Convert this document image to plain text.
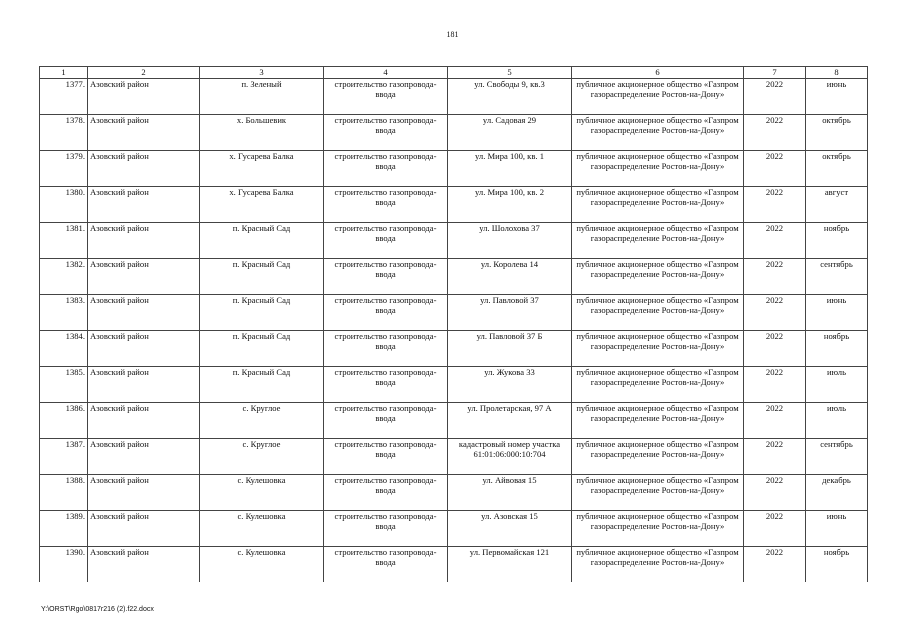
181
1	2	3	4	5	6	7	8
1377.	Азовский район	п. Зеленый	строительство газопровода-ввода	ул. Свободы 9, кв.3	публичное акционерное общество «Газпром газораспределение Ростов-на-Дону»	2022	июнь
1378.	Азовский район	х. Большевик	строительство газопровода-ввода	ул. Садовая 29	публичное акционерное общество «Газпром газораспределение Ростов-на-Дону»	2022	октябрь
1379.	Азовский район	х. Гусарева Балка	строительство газопровода-ввода	ул. Мира 100, кв. 1	публичное акционерное общество «Газпром газораспределение Ростов-на-Дону»	2022	октябрь
1380.	Азовский район	х. Гусарева Балка	строительство газопровода-ввода	ул. Мира 100, кв. 2	публичное акционерное общество «Газпром газораспределение Ростов-на-Дону»	2022	август
1381.	Азовский район	п. Красный Сад	строительство газопровода-ввода	ул. Шолохова 37	публичное акционерное общество «Газпром газораспределение Ростов-на-Дону»	2022	ноябрь
1382.	Азовский район	п. Красный Сад	строительство газопровода-ввода	ул. Королева 14	публичное акционерное общество «Газпром газораспределение Ростов-на-Дону»	2022	сентябрь
1383.	Азовский район	п. Красный Сад	строительство газопровода-ввода	ул. Павловой 37	публичное акционерное общество «Газпром газораспределение Ростов-на-Дону»	2022	июнь
1384.	Азовский район	п. Красный Сад	строительство газопровода-ввода	ул. Павловой 37 Б	публичное акционерное общество «Газпром газораспределение Ростов-на-Дону»	2022	ноябрь
1385.	Азовский район	п. Красный Сад	строительство газопровода-ввода	ул. Жукова 33	публичное акционерное общество «Газпром газораспределение Ростов-на-Дону»	2022	июль
1386.	Азовский район	с. Круглое	строительство газопровода-ввода	ул. Пролетарская, 97 А	публичное акционерное общество «Газпром газораспределение Ростов-на-Дону»	2022	июль
1387.	Азовский район	с. Круглое	строительство газопровода-ввода	кадастровый номер участка 61:01:06:000:10:704	публичное акционерное общество «Газпром газораспределение Ростов-на-Дону»	2022	сентябрь
1388.	Азовский район	с. Кулешовка	строительство газопровода-ввода	ул. Айвовая 15	публичное акционерное общество «Газпром газораспределение Ростов-на-Дону»	2022	декабрь
1389.	Азовский район	с. Кулешовка	строительство газопровода-ввода	ул. Азовская 15	публичное акционерное общество «Газпром газораспределение Ростов-на-Дону»	2022	июнь
1390.	Азовский район	с. Кулешовка	строительство газопровода-ввода	ул. Первомайская 121	публичное акционерное общество «Газпром газораспределение Ростов-на-Дону»	2022	ноябрь
Y:\ORST\Rgo\0817r216 (2).f22.docx
